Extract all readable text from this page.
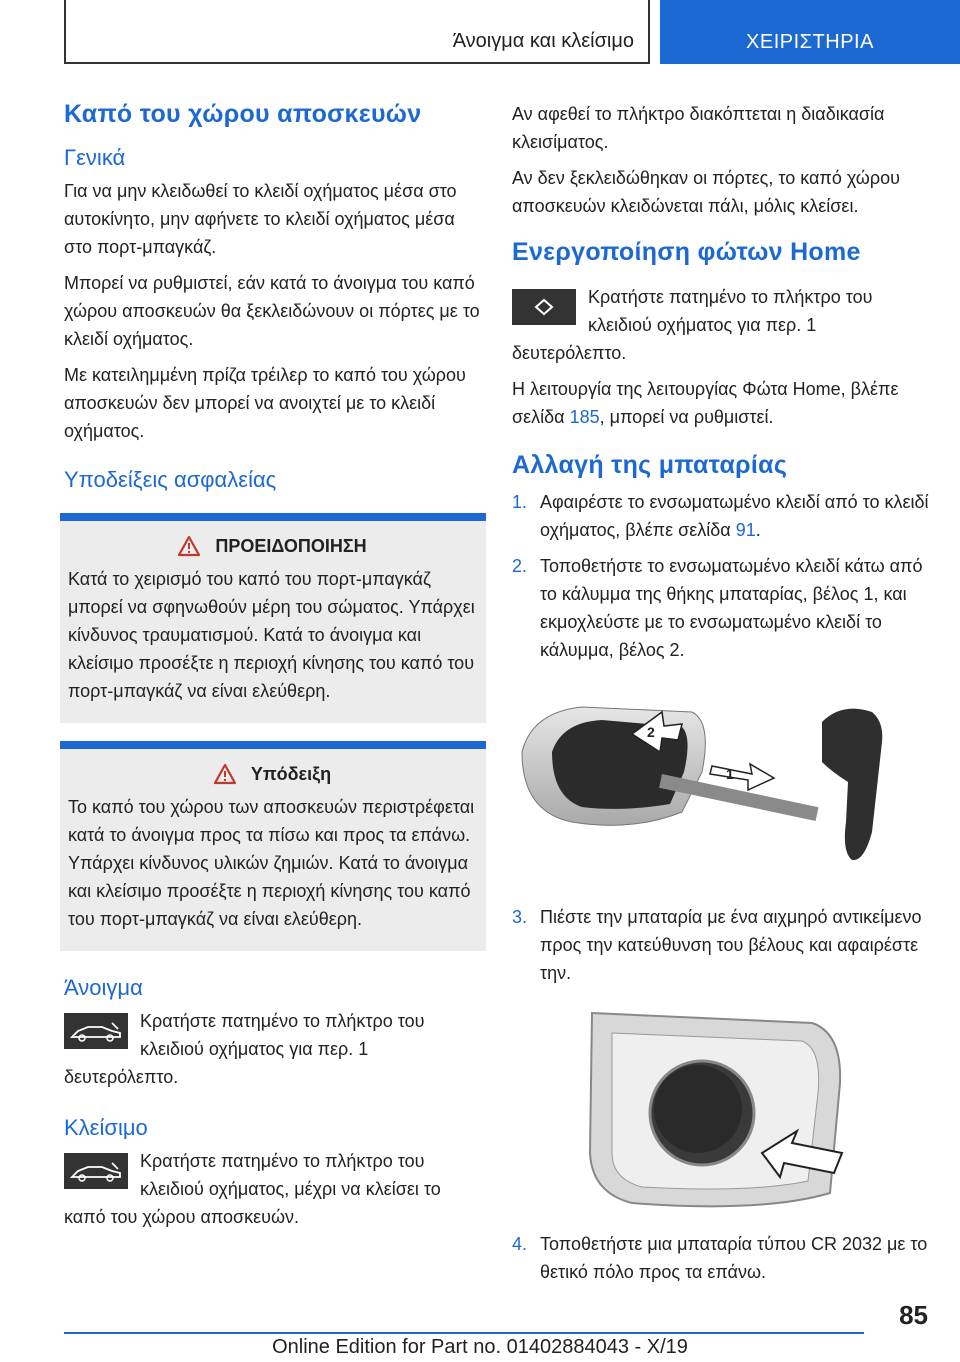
Άνοιγμα και κλείσιμο	ΧΕΙΡΙΣΤΗΡΙΑ
Καπό του χώρου αποσκευών
Γενικά

Για να μην κλειδωθεί το κλειδί οχήματος μέσα στο αυτοκίνητο, μην αφήνετε το κλειδί οχήματος μέσα στο πορτ-μπαγκάζ.

Μπορεί να ρυθμιστεί, εάν κατά το άνοιγμα του καπό χώρου αποσκευών θα ξεκλειδώνουν οι πόρτες με το κλειδί οχήματος.

Με κατειλημμένη πρίζα τρέιλερ το καπό του χώρου αποσκευών δεν μπορεί να ανοιχτεί με το κλειδί οχήματος.

Υποδείξεις ασφαλείας
ΠΡΟΕΙΔΟΠΟΙΗΣΗ

Κατά το χειρισμό του καπό του πορτ-μπαγκάζ μπορεί να σφηνωθούν μέρη του σώματος. Υπάρχει κίνδυνος τραυματισμού. Κατά το άνοιγμα και κλείσιμο προσέξτε η περιοχή κίνησης του καπό του πορτ-μπαγκάζ να είναι ελεύθερη.

Υπόδειξη

Το καπό του χώρου των αποσκευών περιστρέφεται κατά το άνοιγμα προς τα πίσω και προς τα επάνω. Υπάρχει κίνδυνος υλικών ζημιών. Κατά το άνοιγμα και κλείσιμο προσέξτε η περιοχή κίνησης του καπό του πορτ-μπαγκάζ να είναι ελεύθερη.

Άνοιγμα

Κρατήστε πατημένο το πλήκτρο του κλειδιού οχήματος για περ. 1 δευτερόλεπτο.

Κλείσιμο

Κρατήστε πατημένο το πλήκτρο του κλειδιού οχήματος, μέχρι να κλείσει το καπό του χώρου αποσκευών.

Αν αφεθεί το πλήκτρο διακόπτεται η διαδικασία κλεισίματος.

Αν δεν ξεκλειδώθηκαν οι πόρτες, το καπό χώρου αποσκευών κλειδώνεται πάλι, μόλις κλείσει.

Ενεργοποίηση φώτων Home

Κρατήστε πατημένο το πλήκτρο του κλειδιού οχήματος για περ. 1 δευτερόλεπτο.

Η λειτουργία της λειτουργίας Φώτα Home, βλέπε σελίδα 185, μπορεί να ρυθμιστεί.

Αλλαγή της μπαταρίας
1. Αφαιρέστε το ενσωματωμένο κλειδί από το κλειδί οχήματος, βλέπε σελίδα 91.
2. Τοποθετήστε το ενσωματωμένο κλειδί κάτω από το κάλυμμα της θήκης μπαταρίας, βέλος 1, και εκμοχλεύστε με το ενσωματωμένο κλειδί το κάλυμμα, βέλος 2.
2
1
3. Πιέστε την μπαταρία με ένα αιχμηρό αντικείμενο προς την κατεύθυνση του βέλους και αφαιρέστε την.
4. Τοποθετήστε μια μπαταρία τύπου CR 2032 με το θετικό πόλο προς τα επάνω.
85
Online Edition for Part no. 01402884043 - X/19
